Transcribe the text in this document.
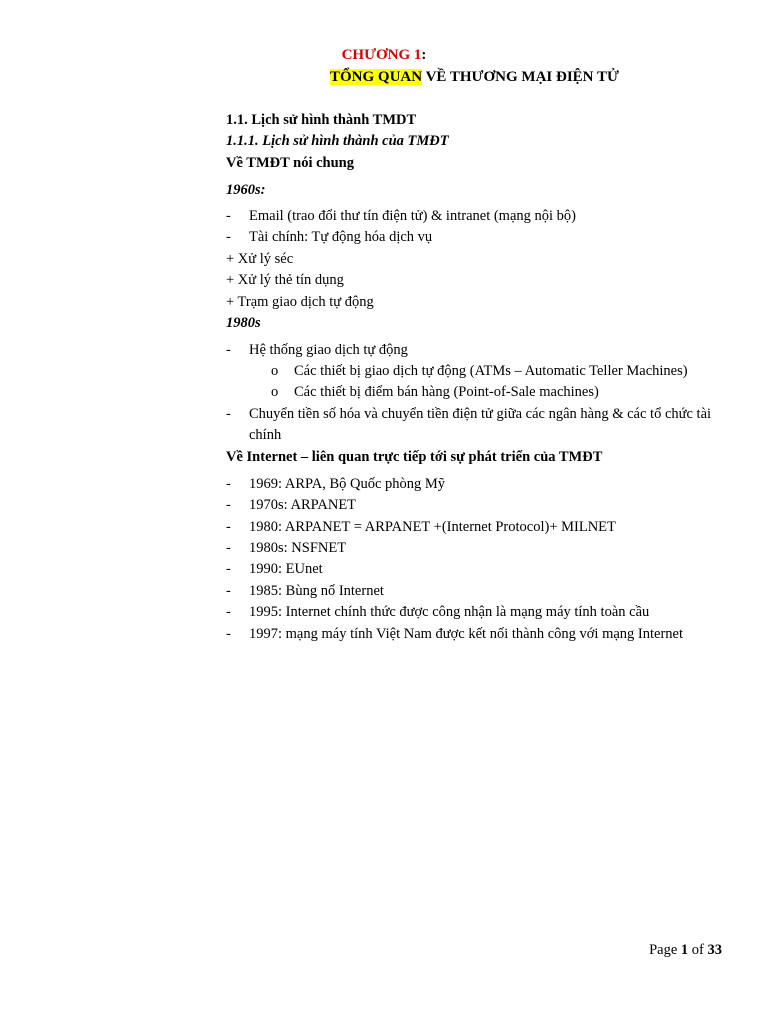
CHƯƠNG 1:
TỔNG QUAN VỀ THƯƠNG MẠI ĐIỆN TỬ
1.1. Lịch sử hình thành TMDT
1.1.1. Lịch sử hình thành của TMĐT
Về TMĐT nói chung
1960s:
- Email (trao đổi thư tín điện tử) & intranet (mạng nội bộ)
- Tài chính: Tự động hóa dịch vụ
+ Xử lý séc
+ Xử lý thẻ tín dụng
+ Trạm giao dịch tự động
1980s
- Hệ thống giao dịch tự động
o Các thiết bị giao dịch tự động (ATMs – Automatic Teller Machines)
o Các thiết bị điểm bán hàng (Point-of-Sale machines)
- Chuyển tiền số hóa và chuyển tiền điện tử giữa các ngân hàng & các tổ chức tài chính
Về Internet – liên quan trực tiếp tới sự phát triển của TMĐT
- 1969: ARPA, Bộ Quốc phòng Mỹ
- 1970s: ARPANET
- 1980: ARPANET = ARPANET +(Internet Protocol)+ MILNET
- 1980s: NSFNET
- 1990: EUnet
- 1985: Bùng nổ Internet
- 1995: Internet chính thức được công nhận là mạng máy tính toàn cầu
- 1997: mạng máy tính Việt Nam được kết nối thành công với mạng Internet
Page 1 of 33
